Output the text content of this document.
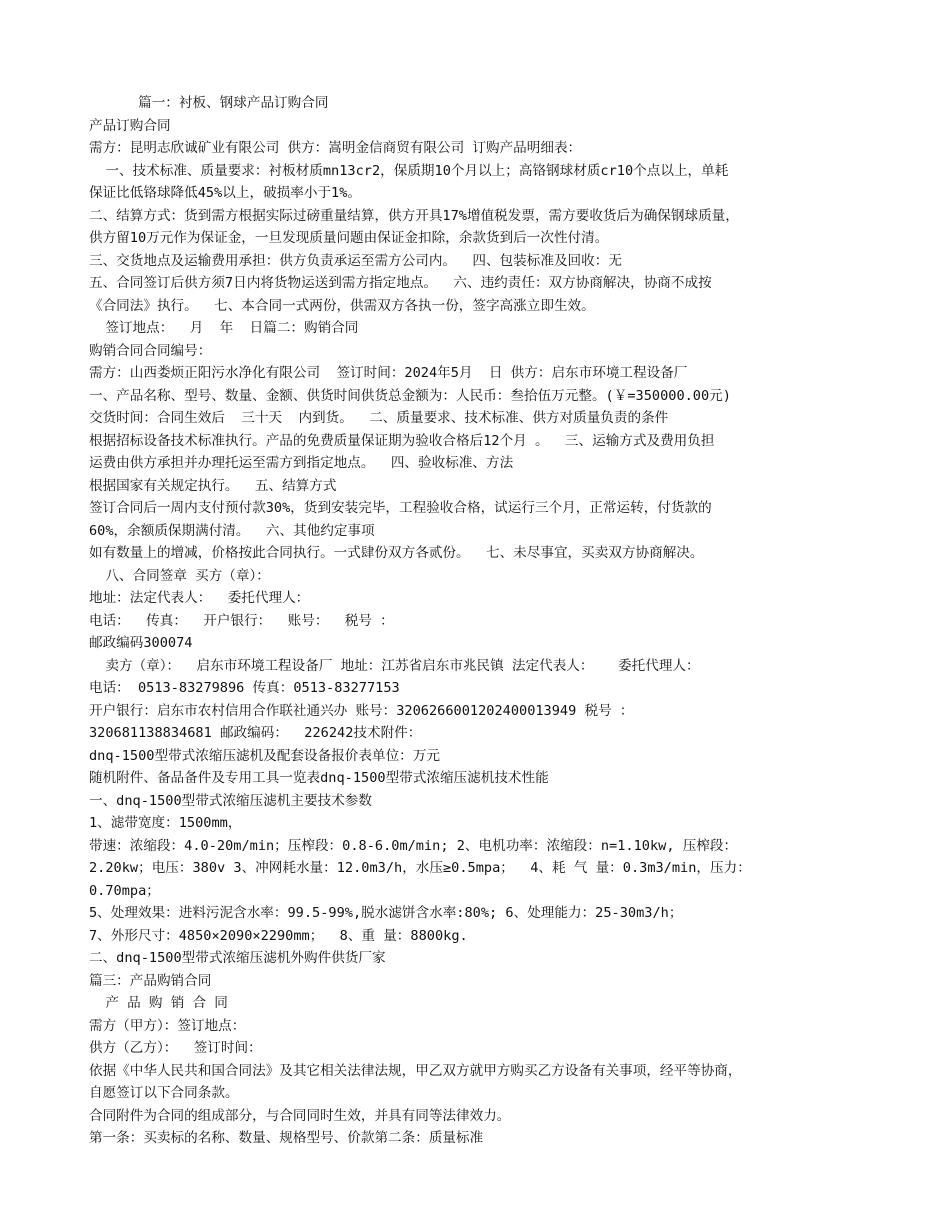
篇一：衬板、钢球产品订购合同
产品订购合同
需方：昆明志欣诚矿业有限公司 供方：嵩明金信商贸有限公司 订购产品明细表：
一、技术标准、质量要求：衬板材质mn13cr2，保质期10个月以上；高铬钢球材质cr10个点以上，单耗
保证比低铬球降低45%以上，破损率小于1%。
二、结算方式：货到需方根据实际过磅重量结算，供方开具17%增值税发票，需方要收货后为确保钢球质量，
供方留10万元作为保证金，一旦发现质量问题由保证金扣除，余款货到后一次性付清。
三、交货地点及运输费用承担：供方负责承运至需方公司内。  四、包装标准及回收：无
五、合同签订后供方须7日内将货物运送到需方指定地点。  六、违约责任：双方协商解决，协商不成按
《合同法》执行。  七、本合同一式两份，供需双方各执一份，签字高涨立即生效。
签订地点：  月  年  日篇二：购销合同
购销合同合同编号：
需方：山西娄烦正阳污水净化有限公司  签订时间：2024年5月  日 供方：启东市环境工程设备厂
一、产品名称、型号、数量、金额、供货时间供货总金额为：人民币：叁拾伍万元整。(￥=350000.00元)
交货时间：合同生效后  三十天  内到货。  二、质量要求、技术标准、供方对质量负责的条件
根据招标设备技术标准执行。产品的免费质量保证期为验收合格后12个月 。  三、运输方式及费用负担
运费由供方承担并办理托运至需方到指定地点。  四、验收标准、方法
根据国家有关规定执行。  五、结算方式
签订合同后一周内支付预付款30%，货到安装完毕，工程验收合格，试运行三个月，正常运转，付货款的
60%，余额质保期满付清。  六、其他约定事项
如有数量上的增减，价格按此合同执行。一式肆份双方各贰份。  七、未尽事宜，买卖双方协商解决。
八、合同签章 买方（章）：
地址：法定代表人：  委托代理人：
电话：  传真：  开户银行：  账号：  税号 ：
邮政编码300074
卖方（章）：  启东市环境工程设备厂 地址：江苏省启东市兆民镇 法定代表人：   委托代理人：
电话： 0513-83279896 传真：0513-83277153
开户银行：启东市农村信用合作联社通兴办 账号：3206266001202400013949 税号 ：
320681138834681 邮政编码：  226242技术附件：
dnq-1500型带式浓缩压滤机及配套设备报价表单位：万元
随机附件、备品备件及专用工具一览表dnq-1500型带式浓缩压滤机技术性能
一、dnq-1500型带式浓缩压滤机主要技术参数
1、滤带宽度：1500mm，
带速：浓缩段：4.0-20m/min；压榨段：0.8-6.0m/min; 2、电机功率：浓缩段：n=1.10kw, 压榨段：
2.20kw；电压：380v 3、冲网耗水量：12.0m3/h，水压≥0.5mpa；  4、耗 气 量：0.3m3/min，压力：
0.70mpa；
5、处理效果：进料污泥含水率：99.5-99%,脱水滤饼含水率:80%; 6、处理能力：25-30m3/h；
7、外形尺寸：4850×2090×2290mm；  8、重 量：8800kg.
二、dnq-1500型带式浓缩压滤机外购件供货厂家
篇三：产品购销合同
产 品 购 销 合 同
需方（甲方）：签订地点：
供方（乙方）：  签订时间：
依据《中华人民共和国合同法》及其它相关法律法规，甲乙双方就甲方购买乙方设备有关事项，经平等协商，
自愿签订以下合同条款。
合同附件为合同的组成部分，与合同同时生效，并具有同等法律效力。
第一条：买卖标的名称、数量、规格型号、价款第二条：质量标准
